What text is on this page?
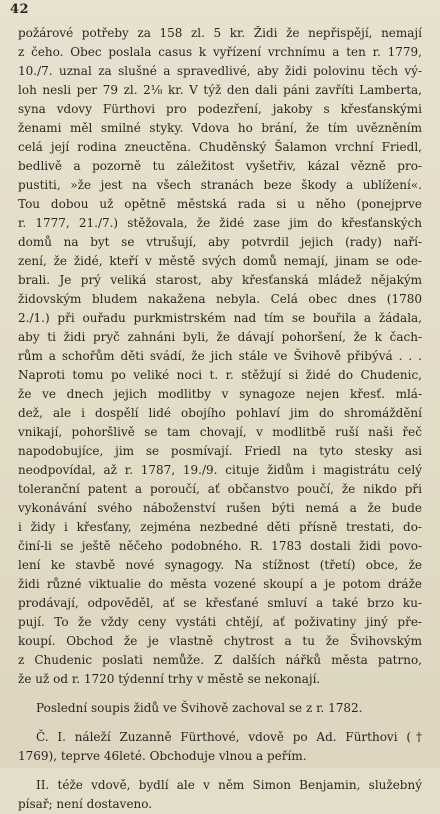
42
požárové potřeby za 158 zl. 5 kr. Židi že nepřispějí, nemají
z čeho. Obec poslala casus k vyřízení vrchnímu a ten r. 1779,
10./7. uznal za slušné a spravedlivé, aby židi polovinu těch vý-
loh nesli per 79 zl. 2⅛ kr. V týž den dali páni zavříti Lamberta,
syna vdovy Fürthovi pro podezření, jakoby s křesťanskými
ženami měl smilné styky. Vdova ho brání, že tím uvězněním
celá její rodina zneuctěna. Chuděnský Šalamon vrchní Friedl,
bedlivě a pozorně tu záležitost vyšetřiv, kázal vězně pro-
pustiti, »že jest na všech stranách beze škody a ublížení«.
Tou dobou už opětně městská rada si u něho (ponejprve
r. 1777, 21./7.) stěžovala, že židé zase jim do křesťanských
domů na byt se vtrušují, aby potvrdil jejich (rady) naří-
zení, že židé, kteří v městě svých domů nemají, jinam se ode-
brali. Je prý veliká starost, aby křesťanská mládež nějakým
židovským bludem nakažena nebyla. Celá obec dnes (1780
2./1.) při ouřadu purkmistrském nad tím se bouřila a žádala,
aby ti židi pryč zahnáni byli, že dávají pohoršení, že k čach-
rům a schořům děti svádí, že jich stále ve Švihově přibývá . . .
Naproti tomu po veliké noci t. r. stěžují si židé do Chudenic,
že ve dnech jejich modlitby v synagoze nejen křesť. mlá-
dež, ale i dospělí lidé obojího pohlaví jim do shromáždění
vnikají, pohoršlivě se tam chovají, v modlitbě ruší naši řeč
napodobujíce, jim se posmívají. Friedl na tyto stesky asi
neodpovídal, až r. 1787, 19./9. cituje židům i magistrátu celý
toleranční patent a poroučí, ať občanstvo poučí, že nikdo při
vykonávání svého náboženství rušen býti nemá a že bude
i židy i křesťany, zejména nezbedné děti přísně trestati, do-
činí-li se ještě něčeho podobného. R. 1783 dostali židi povo-
lení ke stavbě nové synagogy. Na stížnost (třetí) obce, že
židi různé viktualie do města vozené skoupí a je potom dráže
prodávají, odpověděl, ať se křesťané smluví a také brzo ku-
pují. To že vždy ceny vystáti chtějí, ať poživatiny jiný pře-
koupí. Obchod že je vlastně chytrost a tu že Švihovským
z Chudenic poslati nemůže. Z dalších nářků města patrno,
že už od r. 1720 týdenní trhy v městě se nekonají.
Poslední soupis židů ve Švihově zachoval se z r. 1782.
Č. I. náleží Zuzanně Fürthové, vdově po Ad. Fürthovi (†
1769), teprve 46leté. Obchoduje vlnou a peřím.
II. téže vdově, bydlí ale v něm Simon Benjamin, služebný
písař; není dostaveno.
